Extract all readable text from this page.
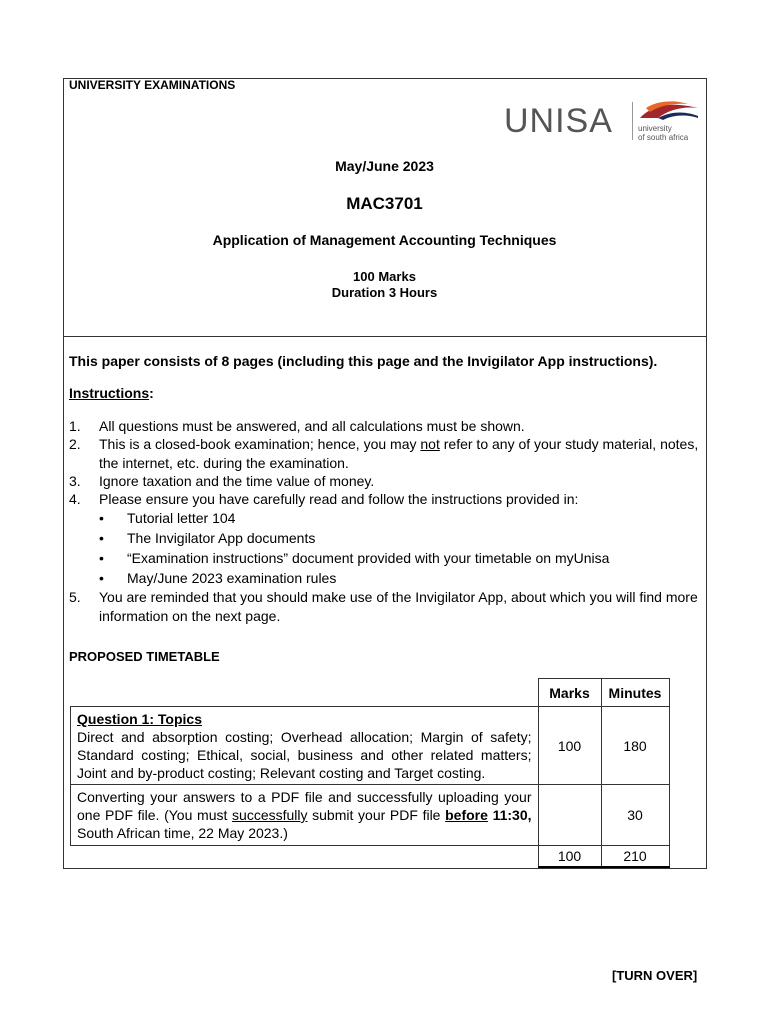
UNIVERSITY EXAMINATIONS
UNISA	university
of south africa
May/June 2023
MAC3701
Application of Management Accounting Techniques
100 Marks
Duration 3 Hours
This paper consists of 8 pages (including this page and the Invigilator App instructions).
Instructions:
1. All questions must be answered, and all calculations must be shown.
2. This is a closed-book examination; hence, you may not refer to any of your study material, notes, the internet, etc. during the examination.
3. Ignore taxation and the time value of money.
4. Please ensure you have carefully read and follow the instructions provided in:
• Tutorial letter 104
• The Invigilator App documents
• “Examination instructions” document provided with your timetable on myUnisa
• May/June 2023 examination rules
5. You are reminded that you should make use of the Invigilator App, about which you will find more information on the next page.
PROPOSED TIMETABLE
	Marks	Minutes

Question 1: Topics
Direct and absorption costing; Overhead allocation; Margin of safety; Standard costing; Ethical, social, business and other related matters; Joint and by-product costing; Relevant costing and Target costing.	100	180
Converting your answers to a PDF file and successfully uploading your one PDF file. (You must successfully submit your PDF file before 11:30, South African time, 22 May 2023.)		30
	100	210
[TURN OVER]
